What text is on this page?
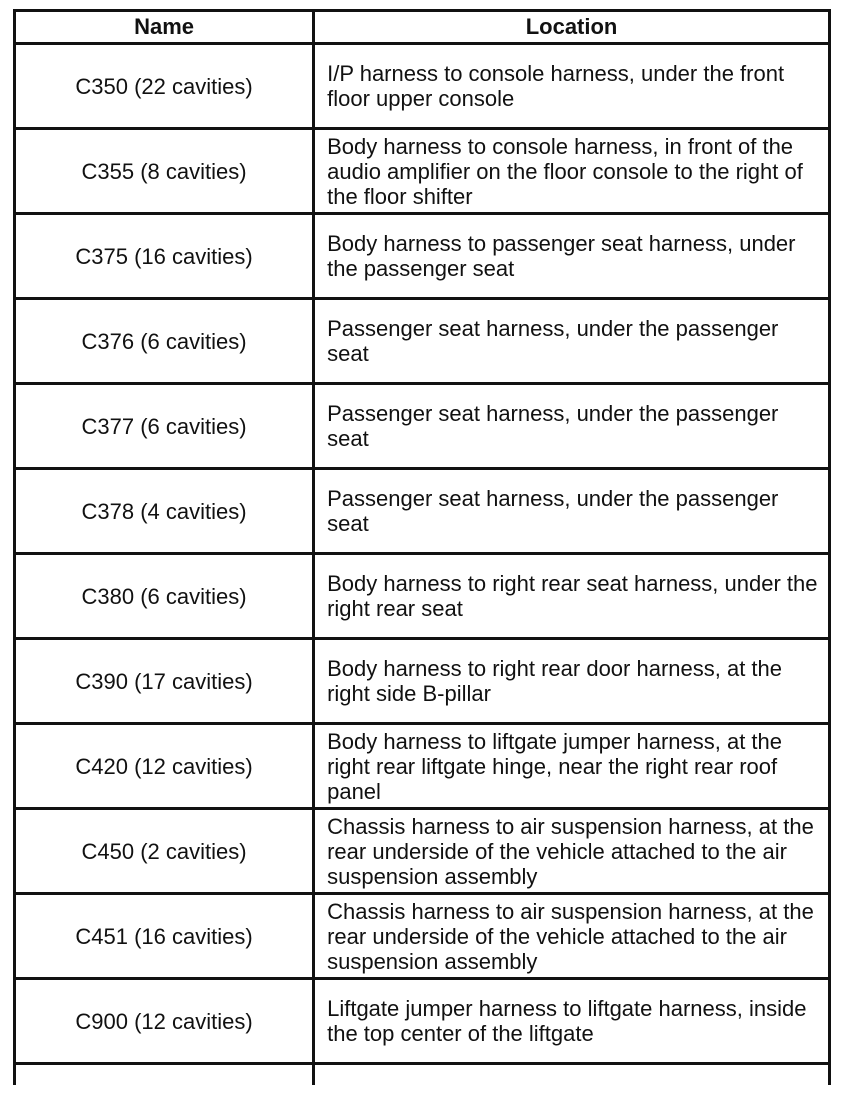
Name	Location
C350 (22 cavities)	I/P harness to console harness, under the front floor upper console
C355 (8 cavities)	Body harness to console harness, in front of the audio amplifier on the floor console to the right of the floor shifter
C375 (16 cavities)	Body harness to passenger seat harness, under the passenger seat
C376 (6 cavities)	Passenger seat harness, under the passenger seat
C377 (6 cavities)	Passenger seat harness, under the passenger seat
C378 (4 cavities)	Passenger seat harness, under the passenger seat
C380 (6 cavities)	Body harness to right rear seat harness, under the right rear seat
C390 (17 cavities)	Body harness to right rear door harness, at the right side B-pillar
C420 (12 cavities)	Body harness to liftgate jumper harness, at the right rear liftgate hinge, near the right rear roof panel
C450 (2 cavities)	Chassis harness to air suspension harness, at the rear underside of the vehicle attached to the air suspension assembly
C451 (16 cavities)	Chassis harness to air suspension harness, at the rear underside of the vehicle attached to the air suspension assembly
C900 (12 cavities)	Liftgate jumper harness to liftgate harness, inside the top center of the liftgate
